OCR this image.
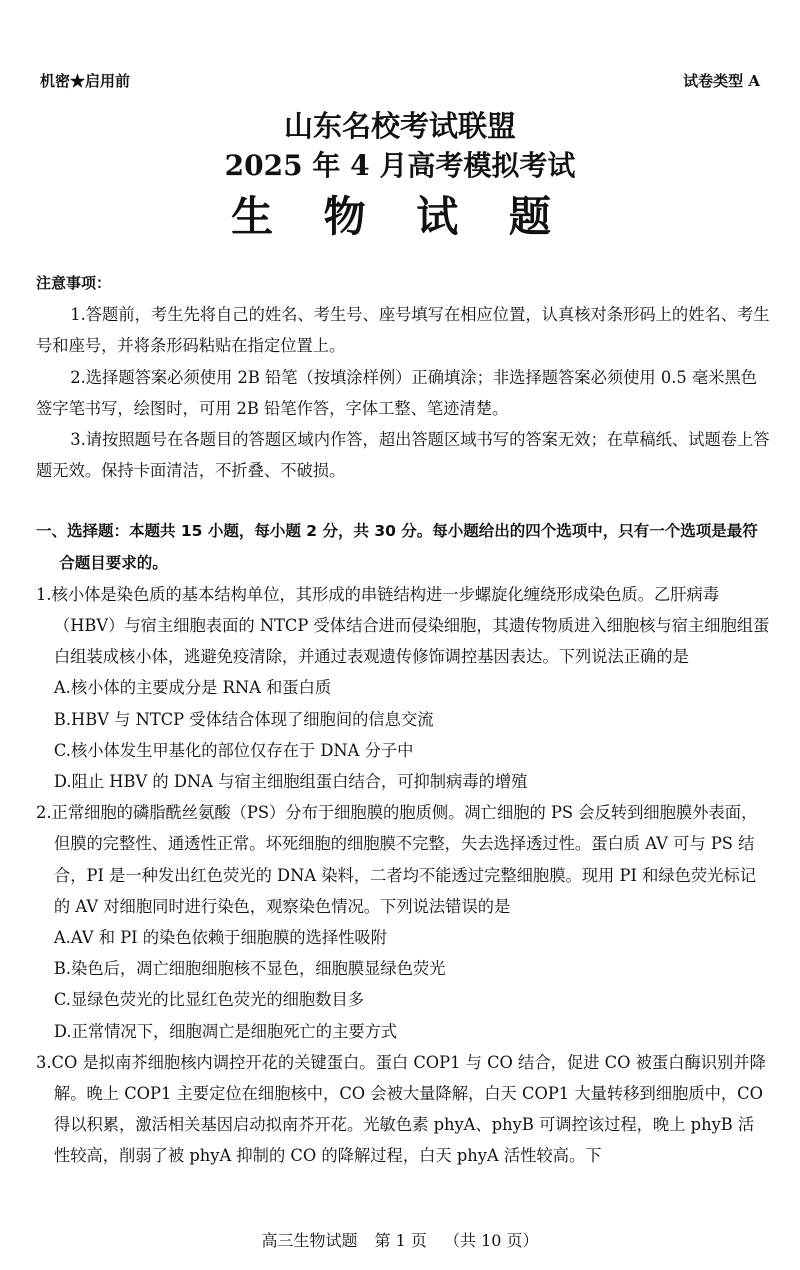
机密★启用前	试卷类型 A
山东名校考试联盟
2025 年 4 月高考模拟考试
生 物 试 题

注意事项：

1.答题前，考生先将自己的姓名、考生号、座号填写在相应位置，认真核对条形码上的姓名、考生号和座号，并将条形码粘贴在指定位置上。

2.选择题答案必须使用 2B 铅笔（按填涂样例）正确填涂；非选择题答案必须使用 0.5 毫米黑色签字笔书写，绘图时，可用 2B 铅笔作答，字体工整、笔迹清楚。

3.请按照题号在各题目的答题区域内作答，超出答题区域书写的答案无效；在草稿纸、试题卷上答题无效。保持卡面清洁，不折叠、不破损。

一、选择题：本题共 15 小题，每小题 2 分，共 30 分。每小题给出的四个选项中，只有一个选项是最符合题目要求的。

1.核小体是染色质的基本结构单位，其形成的串链结构进一步螺旋化缠绕形成染色质。乙肝病毒（HBV）与宿主细胞表面的 NTCP 受体结合进而侵染细胞，其遗传物质进入细胞核与宿主细胞组蛋白组装成核小体，逃避免疫清除，并通过表观遗传修饰调控基因表达。下列说法正确的是

A.核小体的主要成分是 RNA 和蛋白质

B.HBV 与 NTCP 受体结合体现了细胞间的信息交流

C.核小体发生甲基化的部位仅存在于 DNA 分子中

D.阻止 HBV 的 DNA 与宿主细胞组蛋白结合，可抑制病毒的增殖

2.正常细胞的磷脂酰丝氨酸（PS）分布于细胞膜的胞质侧。凋亡细胞的 PS 会反转到细胞膜外表面，但膜的完整性、通透性正常。坏死细胞的细胞膜不完整，失去选择透过性。蛋白质 AV 可与 PS 结合，PI 是一种发出红色荧光的 DNA 染料，二者均不能透过完整细胞膜。现用 PI 和绿色荧光标记的 AV 对细胞同时进行染色，观察染色情况。下列说法错误的是

A.AV 和 PI 的染色依赖于细胞膜的选择性吸附

B.染色后，凋亡细胞细胞核不显色，细胞膜显绿色荧光

C.显绿色荧光的比显红色荧光的细胞数目多

D.正常情况下，细胞凋亡是细胞死亡的主要方式

3.CO 是拟南芥细胞核内调控开花的关键蛋白。蛋白 COP1 与 CO 结合，促进 CO 被蛋白酶识别并降解。晚上 COP1 主要定位在细胞核中，CO 会被大量降解，白天 COP1 大量转移到细胞质中，CO 得以积累，激活相关基因启动拟南芥开花。光敏色素 phyA、phyB 可调控该过程，晚上 phyB 活性较高，削弱了被 phyA 抑制的 CO 的降解过程，白天 phyA 活性较高。下

高三生物试题 第 1 页 （共 10 页）
